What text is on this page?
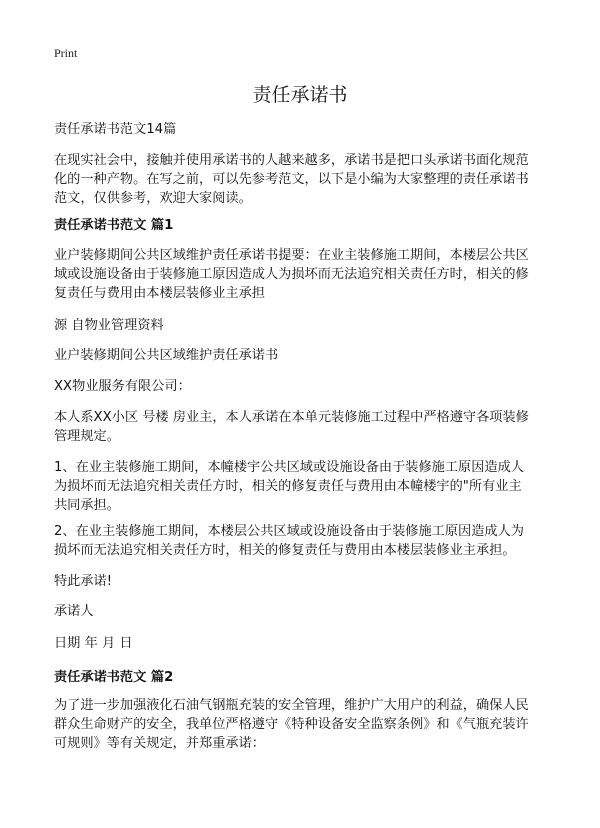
Print
责任承诺书

责任承诺书范文14篇

在现实社会中，接触并使用承诺书的人越来越多，承诺书是把口头承诺书面化规范
化的一种产物。在写之前，可以先参考范文，以下是小编为大家整理的责任承诺书
范文，仅供参考，欢迎大家阅读。

责任承诺书范文 篇1

业户装修期间公共区域维护责任承诺书提要：在业主装修施工期间，本楼层公共区
域或设施设备由于装修施工原因造成人为损坏而无法追究相关责任方时，相关的修
复责任与费用由本楼层装修业主承担

源 自物业管理资料

业户装修期间公共区域维护责任承诺书

XX物业服务有限公司：

本人系XX小区 号楼 房业主，本人承诺在本单元装修施工过程中严格遵守各项装修
管理规定。

1、在业主装修施工期间，本幢楼宇公共区域或设施设备由于装修施工原因造成人
为损坏而无法追究相关责任方时，相关的修复责任与费用由本幢楼宇的"所有业主
共同承担。

2、在业主装修施工期间，本楼层公共区域或设施设备由于装修施工原因造成人为
损坏而无法追究相关责任方时，相关的修复责任与费用由本楼层装修业主承担。

特此承诺!

承诺人

日期 年 月 日

责任承诺书范文 篇2

为了进一步加强液化石油气钢瓶充装的安全管理，维护广大用户的利益，确保人民
群众生命财产的安全，我单位严格遵守《特种设备安全监察条例》和《气瓶充装许
可规则》等有关规定，并郑重承诺：
